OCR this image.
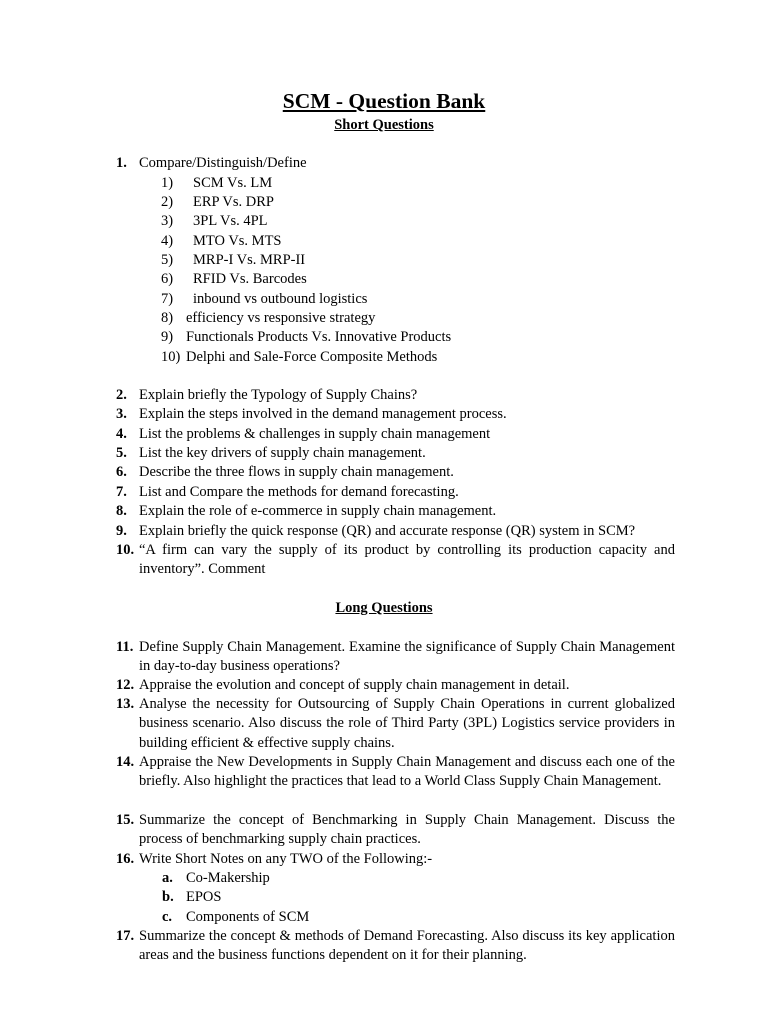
SCM - Question Bank
Short Questions
1. Compare/Distinguish/Define
1) SCM Vs. LM
2) ERP Vs. DRP
3) 3PL Vs. 4PL
4) MTO Vs. MTS
5) MRP-I Vs. MRP-II
6) RFID Vs. Barcodes
7) inbound vs outbound logistics
8) efficiency vs responsive strategy
9) Functionals Products Vs. Innovative Products
10) Delphi and Sale-Force Composite Methods
2. Explain briefly the Typology of Supply Chains?
3. Explain the steps involved in the demand management process.
4. List the problems & challenges in supply chain management
5. List the key drivers of supply chain management.
6. Describe the three flows in supply chain management.
7. List and Compare the methods for demand forecasting.
8. Explain the role of e-commerce in supply chain management.
9. Explain briefly the quick response (QR) and accurate response (QR) system in SCM?
10. “A firm can vary the supply of its product by controlling its production capacity and inventory”. Comment
Long Questions
11. Define Supply Chain Management. Examine the significance of Supply Chain Management in day-to-day business operations?
12. Appraise the evolution and concept of supply chain management in detail.
13. Analyse the necessity for Outsourcing of Supply Chain Operations in current globalized business scenario. Also discuss the role of Third Party (3PL) Logistics service providers in building efficient & effective supply chains.
14. Appraise the New Developments in Supply Chain Management and discuss each one of the briefly. Also highlight the practices that lead to a World Class Supply Chain Management.
15. Summarize the concept of Benchmarking in Supply Chain Management. Discuss the process of benchmarking supply chain practices.
16. Write Short Notes on any TWO of the Following:-
a. Co-Makership
b. EPOS
c. Components of SCM
17. Summarize the concept & methods of Demand Forecasting. Also discuss its key application areas and the business functions dependent on it for their planning.
